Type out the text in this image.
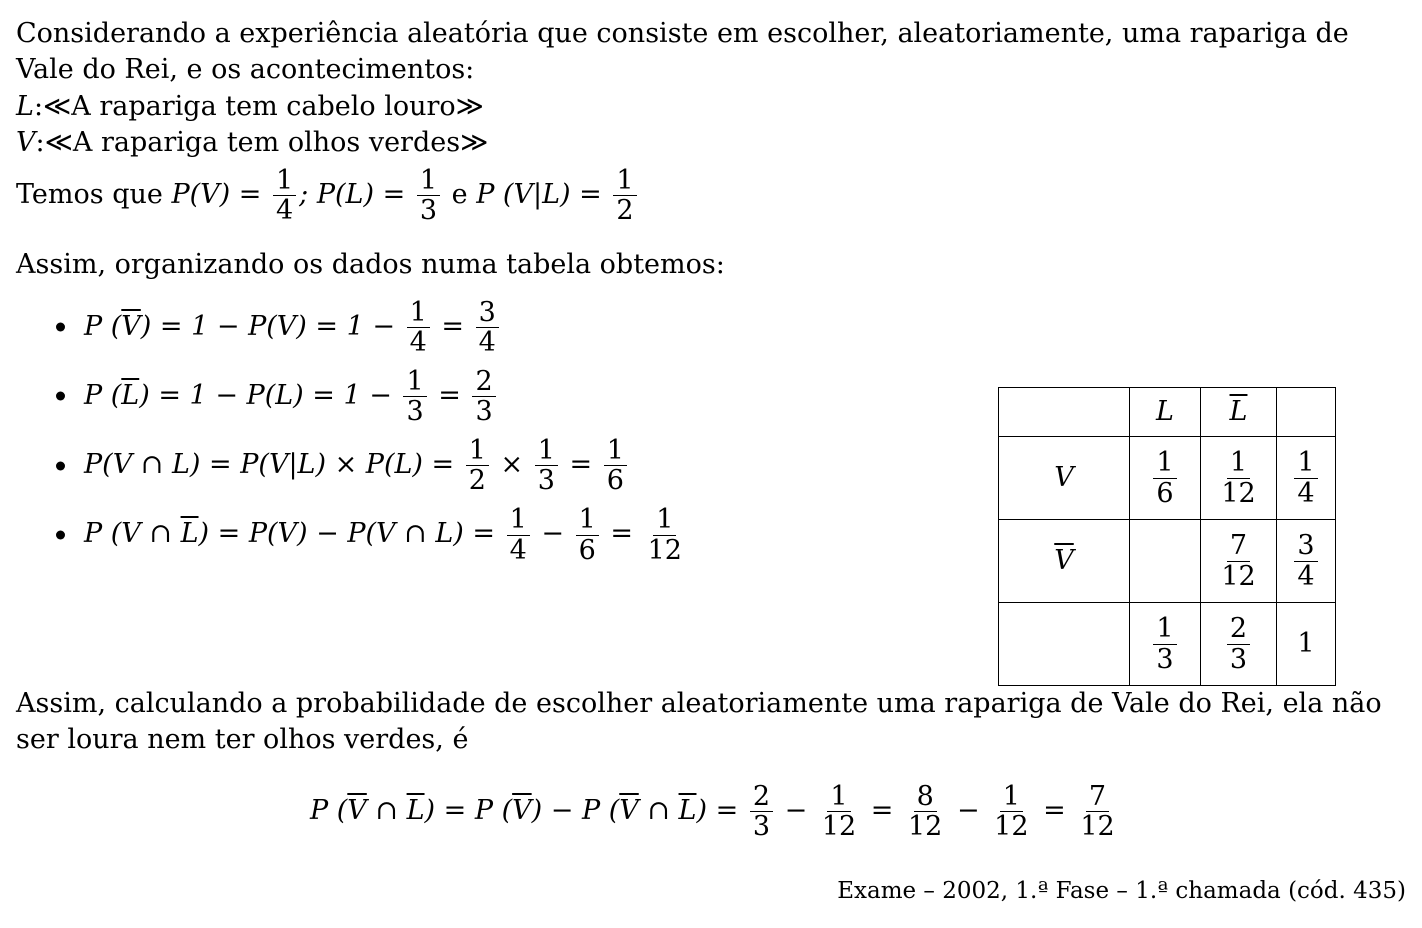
Considerando a experiência aleatória que consiste em escolher, aleatoriamente, uma rapariga de Vale do Rei, e os acontecimentos:

L:≪A rapariga tem cabelo louro≫

V:≪A rapariga tem olhos verdes≫

Temos que $P(V) = \frac{1}{4}$ ; $P(L) = \frac{1}{3}$ e P $(V|L) = \frac{1}{2}$

Assim, organizando os dados numa tabela obtemos:

P $(\overline{V}) = 1 - P(V) = 1 - \frac{1}{4} = \frac{3}{4}$
P $(\overline{L}) = 1 - P(L) = 1 - \frac{1}{3} = \frac{2}{3}$
P(V ∩ $L) = P(V|L) \times P(L) = \frac{1}{2} \times \frac{1}{3} = \frac{1}{6}$
P (V ∩ $\overline{L}) = P(V) - P(V$ ∩ $L) = \frac{1}{4} - \frac{1}{6} = \frac{1}{12}$
	L	$\overline{L}$	
V	$\frac{1}{6}$	$\frac{1}{12}$	$\frac{1}{4}$

$\overline{V}$		$\frac{7}{12}$	$\frac{3}{4}$

	$\frac{1}{3}$	$\frac{2}{3}$	1

Assim, calculando a probabilidade de escolher aleatoriamente uma rapariga de Vale do Rei, ela não ser loura nem ter olhos verdes, é

P ($\overline{V}$ ∩ $\overline{L}) = P$ $(\overline{V}) - P$ ($\overline{V}$ ∩ $\overline{L}) = \frac{2}{3} - \frac{1}{12} = \frac{8}{12} - \frac{1}{12} = \frac{7}{12}$
Exame – 2002, 1.ª Fase – 1.ª chamada (cód. 435)
